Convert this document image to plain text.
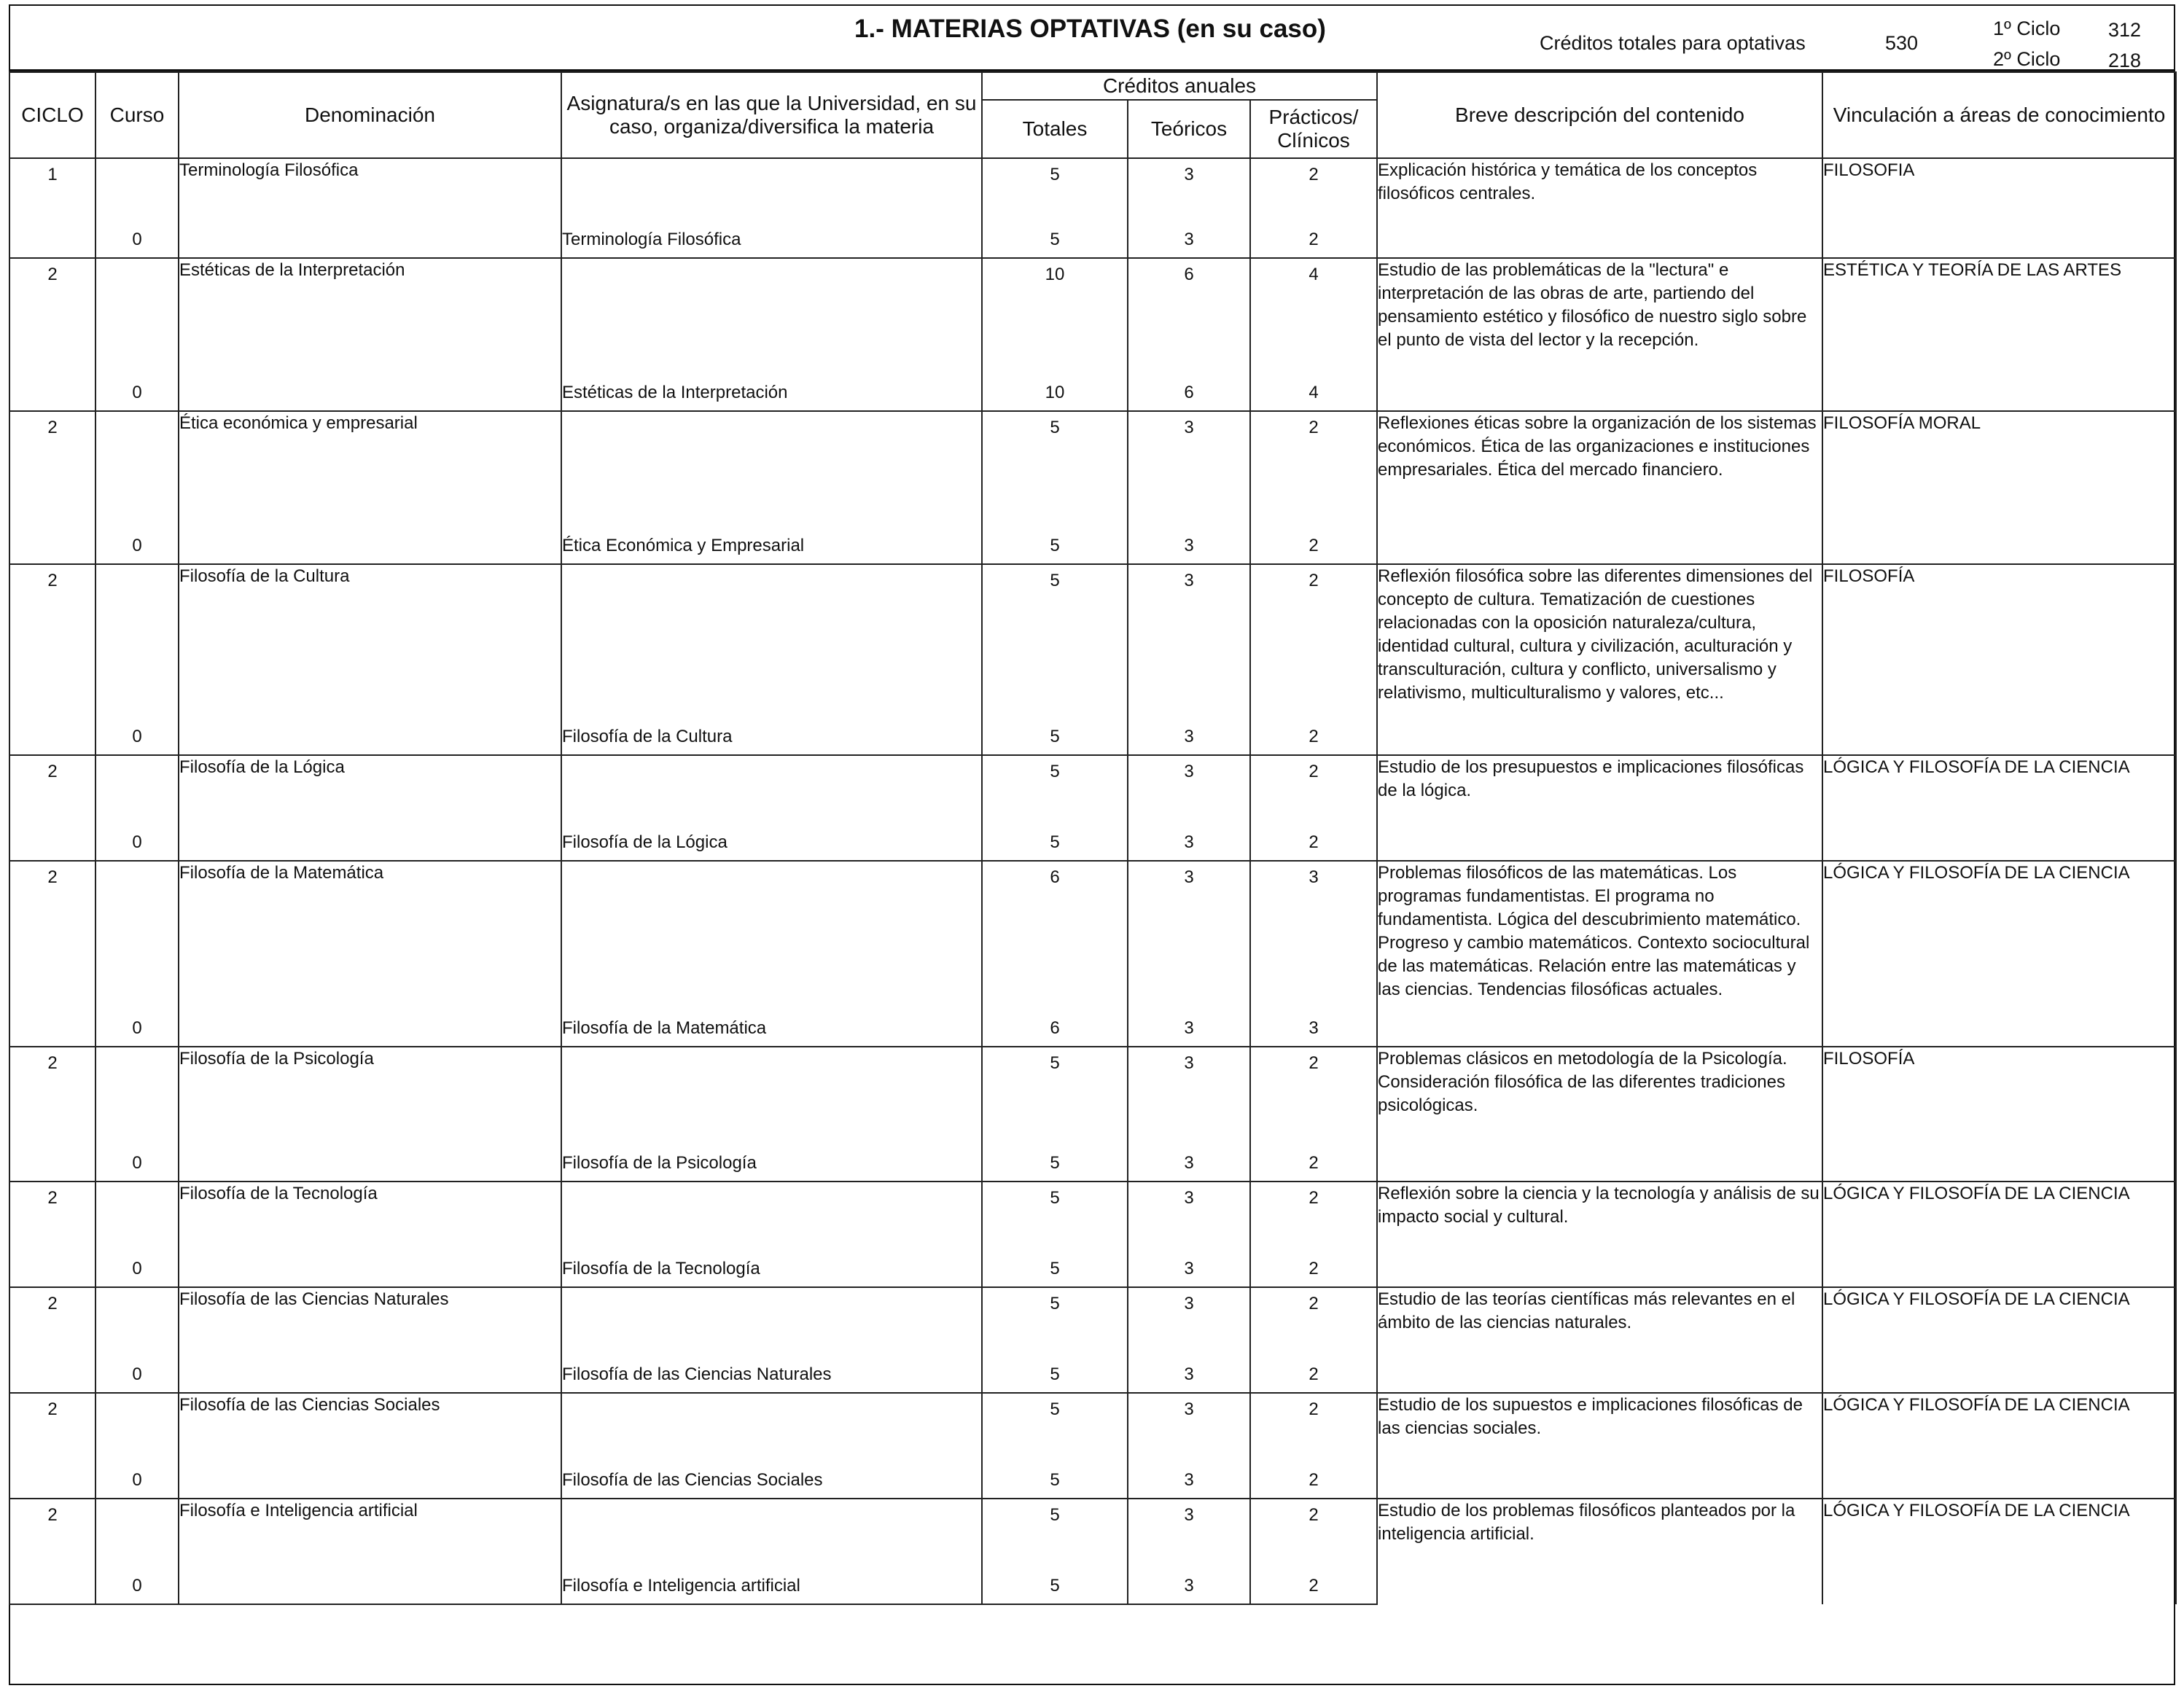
1.- MATERIAS OPTATIVAS (en su caso)	Créditos totales para optativas	530
1º Ciclo 312
2º Ciclo 218
CICLO	Curso	Denominación	Asignatura/s en las que la Universidad, en su caso, organiza/diversifica la materia	Créditos anuales			Breve descripción del contenido	Vinculación a áreas de conocimiento
				Totales	Teóricos	Prácticos/ Clínicos		

1		Terminología Filosófica		5	3	2	Explicación histórica y temática de los conceptos filosóficos centrales.	FILOSOFIA
	0		Terminología Filosófica	5	3	2		

2		Estéticas de la Interpretación		10	6	4	Estudio de las problemáticas de la "lectura" e interpretación de las obras de arte, partiendo del pensamiento estético y filosófico de nuestro siglo sobre el punto de vista del lector y la recepción.	ESTÉTICA Y TEORÍA DE LAS ARTES
	0		Estéticas de la Interpretación	10	6	4		

2		Ética económica y empresarial		5	3	2	Reflexiones éticas sobre la organización de los sistemas económicos. Ética de las organizaciones e instituciones empresariales. Ética del mercado financiero.	FILOSOFÍA MORAL
	0		Ética Económica y Empresarial	5	3	2		

2		Filosofía de la Cultura		5	3	2	Reflexión filosófica sobre las diferentes dimensiones del concepto de cultura. Tematización de cuestiones relacionadas con la oposición naturaleza/cultura, identidad cultural, cultura y civilización, aculturación y transculturación, cultura y conflicto, universalismo y relativismo, multiculturalismo y valores, etc...	FILOSOFÍA
	0		Filosofía de la Cultura	5	3	2		

2		Filosofía de la Lógica		5	3	2	Estudio de los presupuestos e implicaciones filosóficas de la lógica.	LÓGICA Y FILOSOFÍA DE LA CIENCIA
	0		Filosofía de la Lógica	5	3	2		

2		Filosofía de la Matemática		6	3	3	Problemas filosóficos de las matemáticas. Los programas fundamentistas. El programa no fundamentista. Lógica del descubrimiento matemático. Progreso y cambio matemáticos. Contexto sociocultural de las matemáticas. Relación entre las matemáticas y las ciencias. Tendencias filosóficas actuales.	LÓGICA Y FILOSOFÍA DE LA CIENCIA
	0		Filosofía de la Matemática	6	3	3		

2		Filosofía de la Psicología		5	3	2	Problemas clásicos en metodología de la Psicología. Consideración filosófica de las diferentes tradiciones psicológicas.	FILOSOFÍA
	0		Filosofía de la Psicología	5	3	2		

2		Filosofía de la Tecnología		5	3	2	Reflexión sobre la ciencia y la tecnología y análisis de su impacto social y cultural.	LÓGICA Y FILOSOFÍA DE LA CIENCIA
	0		Filosofía de la Tecnología	5	3	2		

2		Filosofía de las Ciencias Naturales		5	3	2	Estudio de las teorías científicas más relevantes en el ámbito de las ciencias naturales.	LÓGICA Y FILOSOFÍA DE LA CIENCIA
	0		Filosofía de las Ciencias Naturales	5	3	2		

2		Filosofía de las Ciencias Sociales		5	3	2	Estudio de los supuestos e implicaciones filosóficas de las ciencias sociales.	LÓGICA Y FILOSOFÍA DE LA CIENCIA
	0		Filosofía de las Ciencias Sociales	5	3	2		

2		Filosofía e Inteligencia artificial		5	3	2	Estudio de los problemas filosóficos planteados por la inteligencia artificial.	LÓGICA Y FILOSOFÍA DE LA CIENCIA
	0		Filosofía e Inteligencia artificial	5	3	2		
